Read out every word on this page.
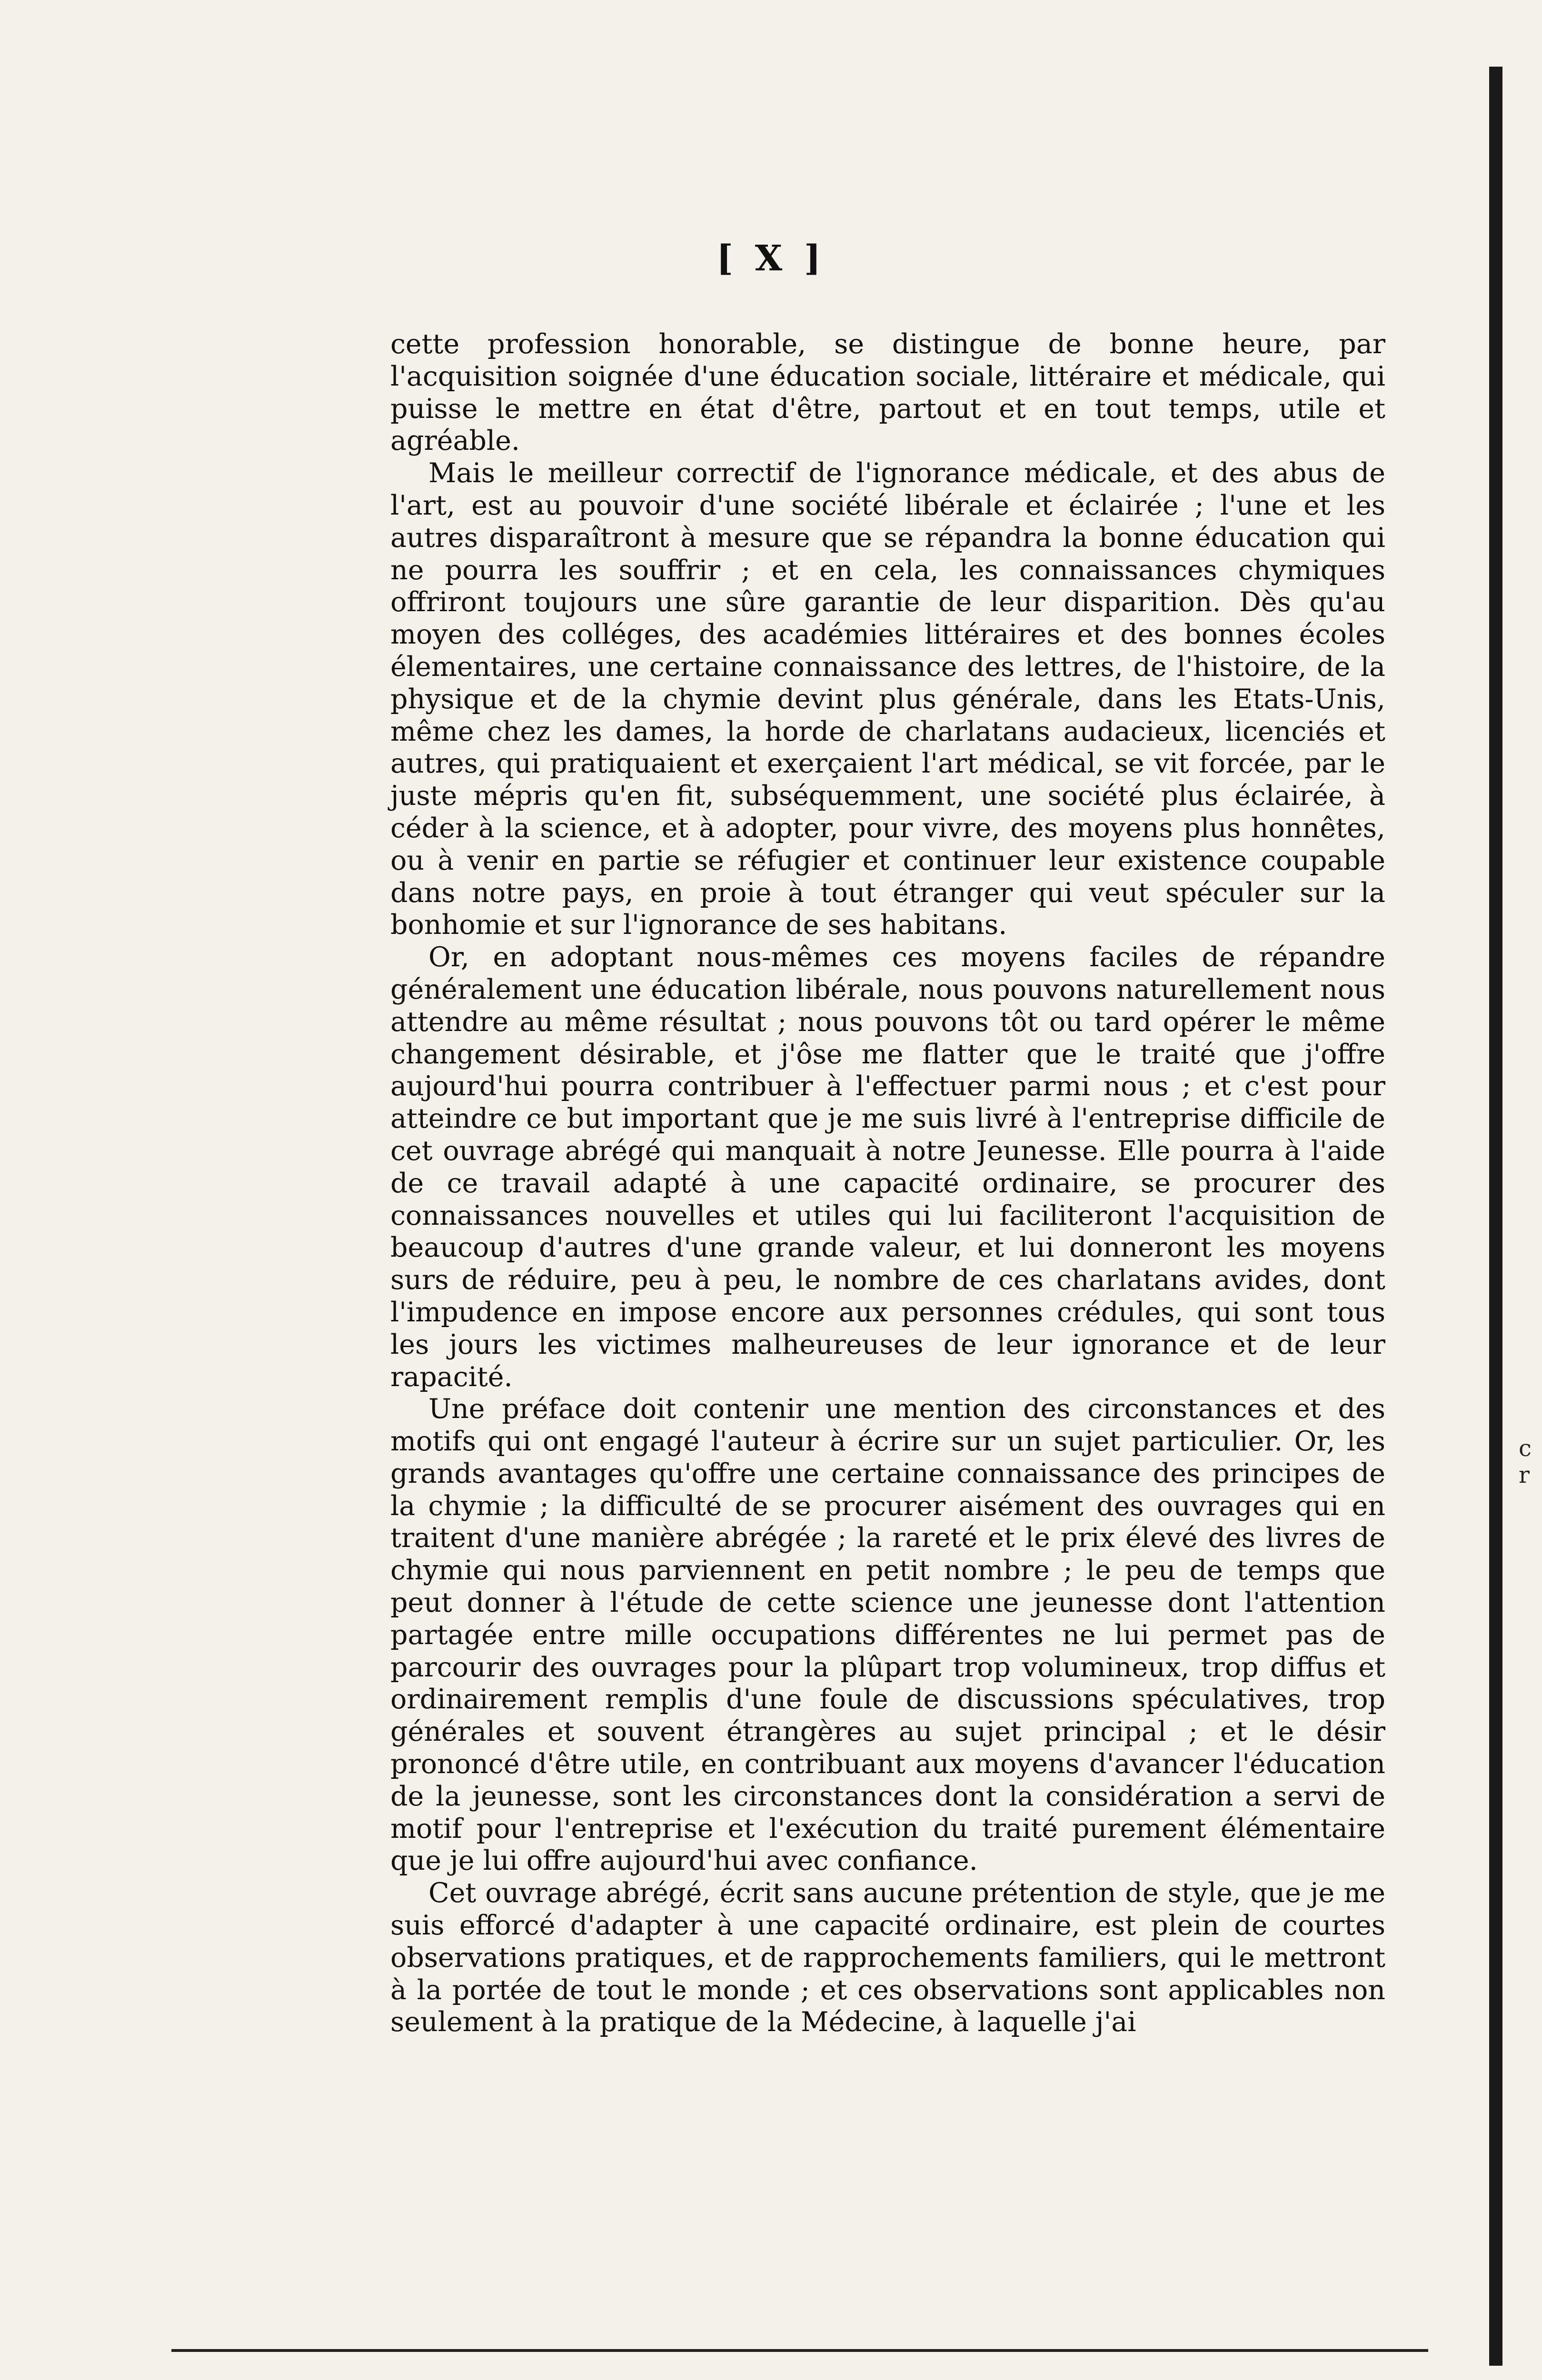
[ X ]

cette profession honorable, se distingue de bonne heure, par l'acquisition soignée d'une éducation sociale, littéraire et médicale, qui puisse le mettre en état d'être, partout et en tout temps, utile et agréable.

Mais le meilleur correctif de l'ignorance médicale, et des abus de l'art, est au pouvoir d'une société libérale et éclairée ; l'une et les autres disparaîtront à mesure que se répandra la bonne éducation qui ne pourra les souffrir ; et en cela, les connaissances chymiques offriront toujours une sûre garantie de leur disparition. Dès qu'au moyen des colléges, des académies littéraires et des bonnes écoles élementaires, une certaine connaissance des lettres, de l'histoire, de la physique et de la chymie devint plus générale, dans les Etats-Unis, même chez les dames, la horde de charlatans audacieux, licenciés et autres, qui pratiquaient et exerçaient l'art médical, se vit forcée, par le juste mépris qu'en fit, subséquemment, une société plus éclairée, à céder à la science, et à adopter, pour vivre, des moyens plus honnêtes, ou à venir en partie se réfugier et continuer leur existence coupable dans notre pays, en proie à tout étranger qui veut spéculer sur la bonhomie et sur l'ignorance de ses habitans.

Or, en adoptant nous-mêmes ces moyens faciles de répandre généralement une éducation libérale, nous pouvons naturellement nous attendre au même résultat ; nous pouvons tôt ou tard opérer le même changement désirable, et j'ôse me flatter que le traité que j'offre aujourd'hui pourra contribuer à l'effectuer parmi nous ; et c'est pour atteindre ce but important que je me suis livré à l'entreprise difficile de cet ouvrage abrégé qui manquait à notre Jeunesse. Elle pourra à l'aide de ce travail adapté à une capacité ordinaire, se procurer des connaissances nouvelles et utiles qui lui faciliteront l'acquisition de beaucoup d'autres d'une grande valeur, et lui donneront les moyens surs de réduire, peu à peu, le nombre de ces charlatans avides, dont l'impudence en impose encore aux personnes crédules, qui sont tous les jours les victimes malheureuses de leur ignorance et de leur rapacité.

Une préface doit contenir une mention des circonstances et des motifs qui ont engagé l'auteur à écrire sur un sujet particulier. Or, les grands avantages qu'offre une certaine connaissance des principes de la chymie ; la difficulté de se procurer aisément des ouvrages qui en traitent d'une manière abrégée ; la rareté et le prix élevé des livres de chymie qui nous parviennent en petit nombre ; le peu de temps que peut donner à l'étude de cette science une jeunesse dont l'attention partagée entre mille occupations différentes ne lui permet pas de parcourir des ouvrages pour la plûpart trop volumineux, trop diffus et ordinairement remplis d'une foule de discussions spéculatives, trop générales et souvent étrangères au sujet principal ; et le désir prononcé d'être utile, en contribuant aux moyens d'avancer l'éducation de la jeunesse, sont les circonstances dont la considération a servi de motif pour l'entreprise et l'exécution du traité purement élémentaire que je lui offre aujourd'hui avec confiance.

Cet ouvrage abrégé, écrit sans aucune prétention de style, que je me suis efforcé d'adapter à une capacité ordinaire, est plein de courtes observations pratiques, et de rapprochements familiers, qui le mettront à la portée de tout le monde ; et ces observations sont applicables non seulement à la pratique de la Médecine, à laquelle j'ai

c
r
